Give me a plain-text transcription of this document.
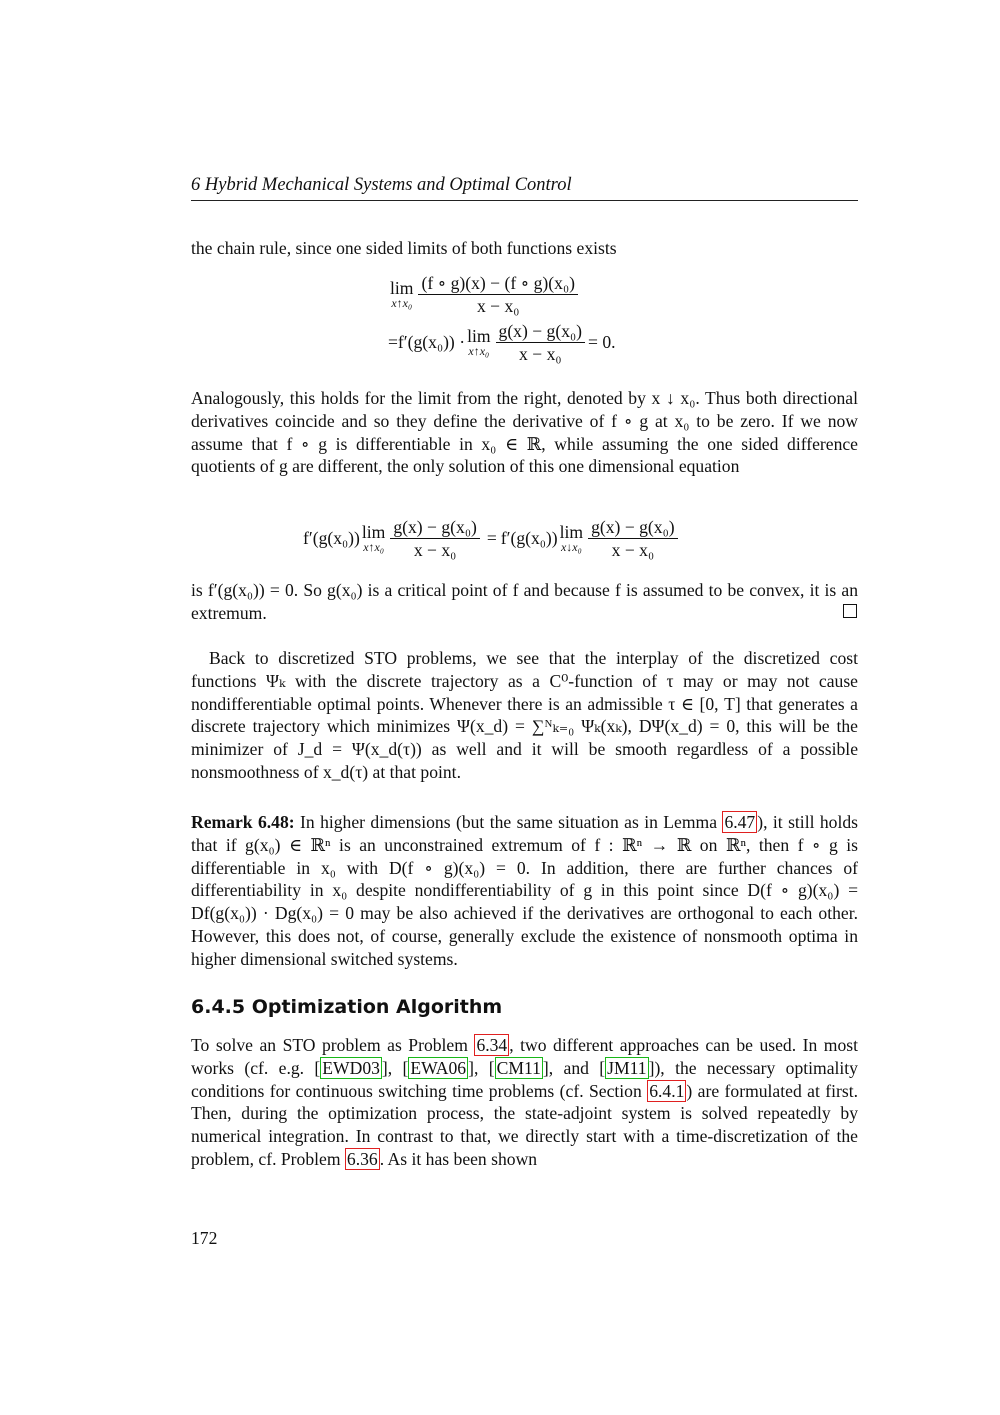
6 Hybrid Mechanical Systems and Optimal Control

the chain rule, since one sided limits of both functions exists

lim
x↑x₀ $\frac{\text{(f ∘ g)(x) − (f ∘ g)(x₀)}}{\text{x − x₀}}$
=f′(g(x₀)) · lim
x↑x₀ $\frac{\text{g(x) − g(x₀)}}{\text{x − x₀}} = 0$.

Analogously, this holds for the limit from the right, denoted by x ↓ x₀. Thus both directional derivatives coincide and so they define the derivative of f ∘ g at x₀ to be zero. If we now assume that f ∘ g is differentiable in x₀ ∈ ℝ, while assuming the one sided difference quotients of g are different, the only solution of this one dimensional equation

f′(g(x₀)) lim
x↑x₀ $\frac{\text{g(x) − g(x₀)}}{\text{x − x₀}} = f'(g(x_0))$ lim
x↓x₀ $\frac{\text{g(x) − g(x₀)}}{\text{x − x₀}}$

is f′(g(x₀)) = 0. So g(x₀) is a critical point of f and because f is assumed to be convex, it is an extremum.

Back to discretized STO problems, we see that the interplay of the discretized cost functions Ψₖ with the discrete trajectory as a C⁰-function of τ may or may not cause nondifferentiable optimal points. Whenever there is an admissible τ ∈ [0, T] that generates a discrete trajectory which minimizes Ψ(x_d) = ∑ᴺₖ₌₀ Ψₖ(xₖ), DΨ(x_d) = 0, this will be the minimizer of J_d = Ψ(x_d(τ)) as well and it will be smooth regardless of a possible nonsmoothness of x_d(τ) at that point.

Remark 6.48: In higher dimensions (but the same situation as in Lemma 6.47 ), it still holds that if g(x₀) ∈ ℝⁿ is an unconstrained extremum of f : ℝⁿ → ℝ on ℝⁿ, then f ∘ g is differentiable in x₀ with D(f ∘ g)(x₀) = 0. In addition, there are further chances of differentiability in x₀ despite nondifferentiability of g in this point since D(f ∘ g)(x₀) = Df(g(x₀)) · Dg(x₀) = 0 may be also achieved if the derivatives are orthogonal to each other. However, this does not, of course, generally exclude the existence of nonsmooth optima in higher dimensional switched systems.

6.4.5 Optimization Algorithm

To solve an STO problem as Problem 6.34 , two different approaches can be used. In most works (cf. e.g. [ EWD03 ], [ EWA06 ], [ CM11 ], and [ JM11 ]), the necessary optimality conditions for continuous switching time problems (cf. Section 6.4.1 ) are formulated at first. Then, during the optimization process, the state-adjoint system is solved repeatedly by numerical integration. In contrast to that, we directly start with a time-discretization of the problem, cf. Problem 6.36 . As it has been shown

172
